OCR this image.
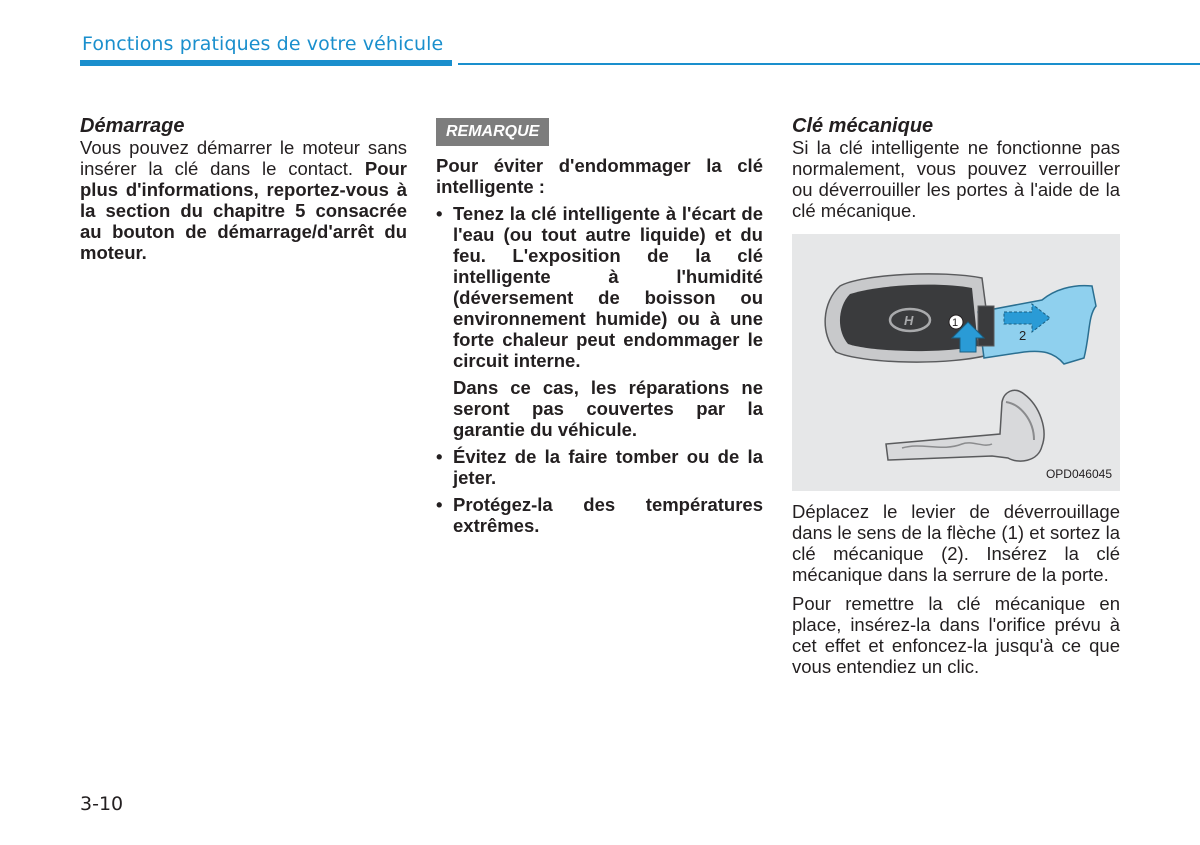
Fonctions pratiques de votre véhicule

Démarrage

Vous pouvez démarrer le moteur sans insérer la clé dans le contact. Pour plus d'informations, reportez-vous à la section du chapitre 5 consacrée au bouton de démarrage/d'arrêt du moteur.

REMARQUE

Pour éviter d'endommager la clé intelligente :

• Tenez la clé intelligente à l'écart de l'eau (ou tout autre liquide) et du feu. L'exposition de la clé intelligente à l'humidité (déversement de boisson ou environnement humide) ou à une forte chaleur peut endommager le circuit interne.

Dans ce cas, les réparations ne seront pas couvertes par la garantie du véhicule.

• Évitez de la faire tomber ou de la jeter.

• Protégez-la des températures extrêmes.

Clé mécanique

Si la clé intelligente ne fonctionne pas normalement, vous pouvez verrouiller ou déverrouiller les portes à l'aide de la clé mécanique.

H	1
2
OPD046045

Déplacez le levier de déverrouillage dans le sens de la flèche (1) et sortez la clé mécanique (2). Insérez la clé mécanique dans la serrure de la porte.

Pour remettre la clé mécanique en place, insérez-la dans l'orifice prévu à cet effet et enfoncez-la jusqu'à ce que vous entendiez un clic.

3-10
